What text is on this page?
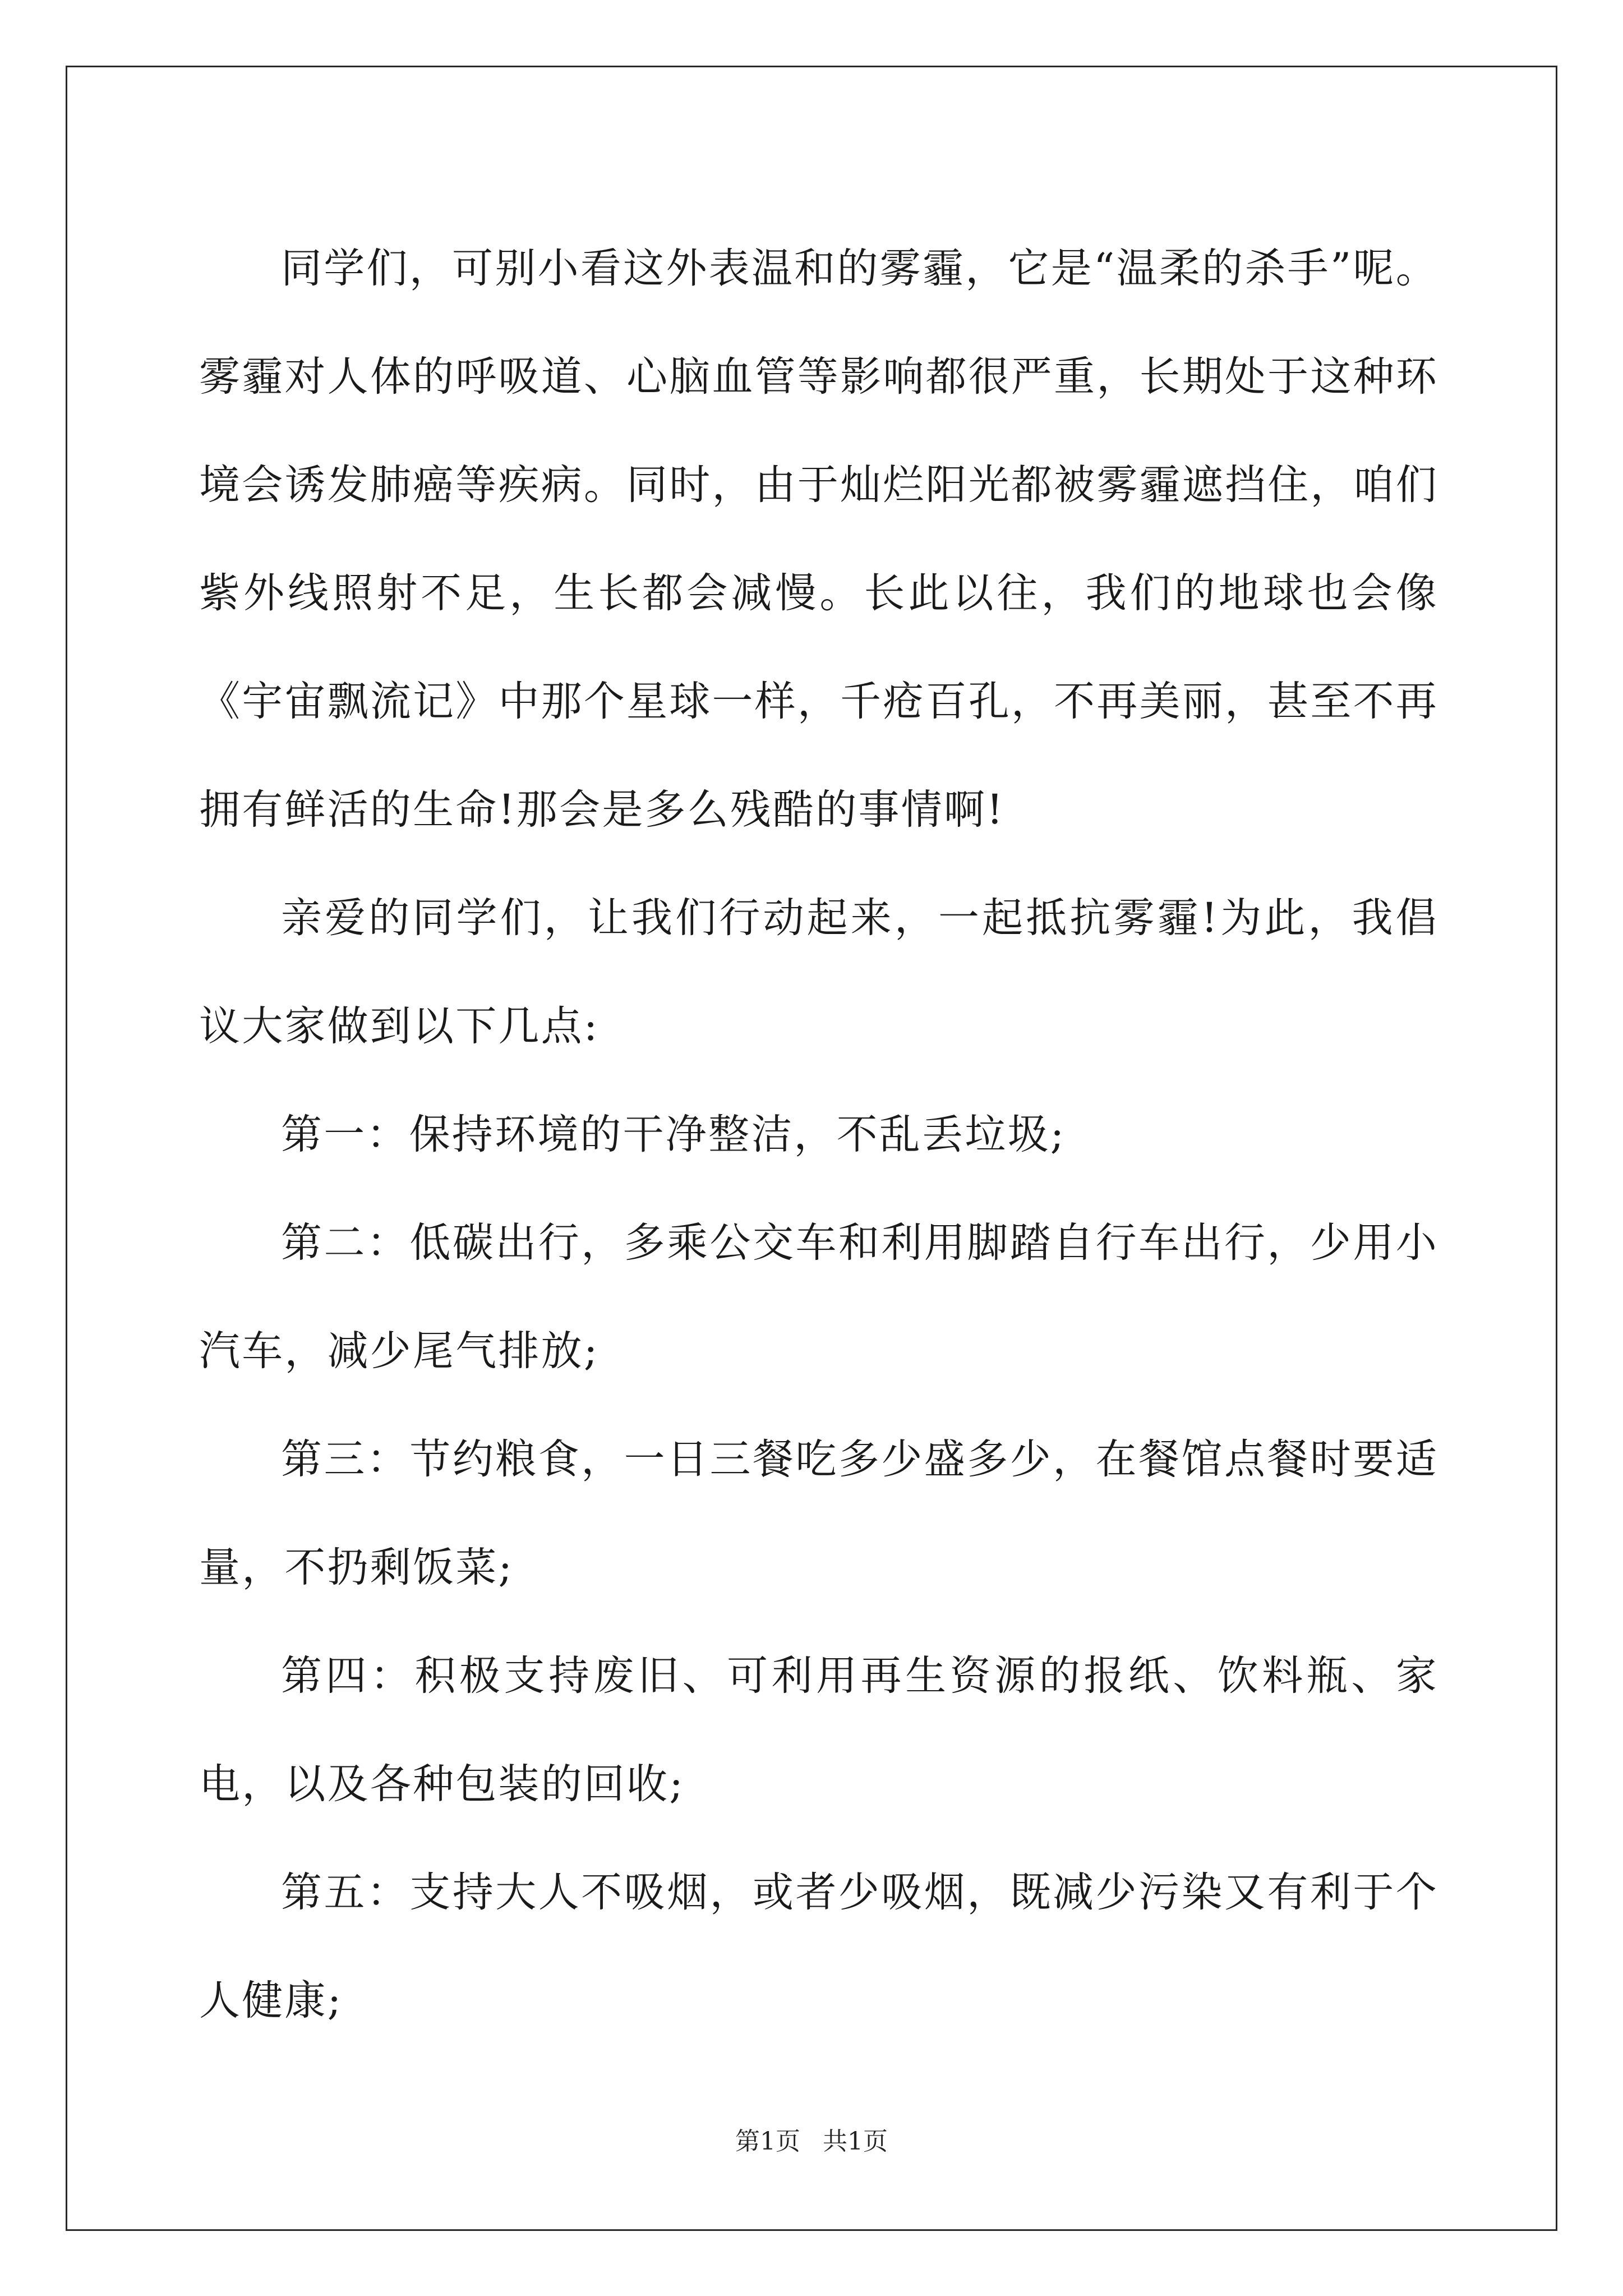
同学们，可别小看这外表温和的雾霾，它是“温柔的杀手”呢。雾霾对人体的呼吸道、心脑血管等影响都很严重，长期处于这种环境会诱发肺癌等疾病。同时，由于灿烂阳光都被雾霾遮挡住，咱们紫外线照射不足，生长都会减慢。长此以往，我们的地球也会像《宇宙飘流记》中那个星球一样，千疮百孔，不再美丽，甚至不再拥有鲜活的生命!那会是多么残酷的事情啊!

亲爱的同学们，让我们行动起来，一起抵抗雾霾!为此，我倡议大家做到以下几点:

第一：保持环境的干净整洁，不乱丢垃圾;

第二：低碳出行，多乘公交车和利用脚踏自行车出行，少用小汽车，减少尾气排放;

第三：节约粮食，一日三餐吃多少盛多少，在餐馆点餐时要适量，不扔剩饭菜;

第四：积极支持废旧、可利用再生资源的报纸、饮料瓶、家电，以及各种包装的回收;

第五：支持大人不吸烟，或者少吸烟，既减少污染又有利于个人健康;

第1页 共1页
